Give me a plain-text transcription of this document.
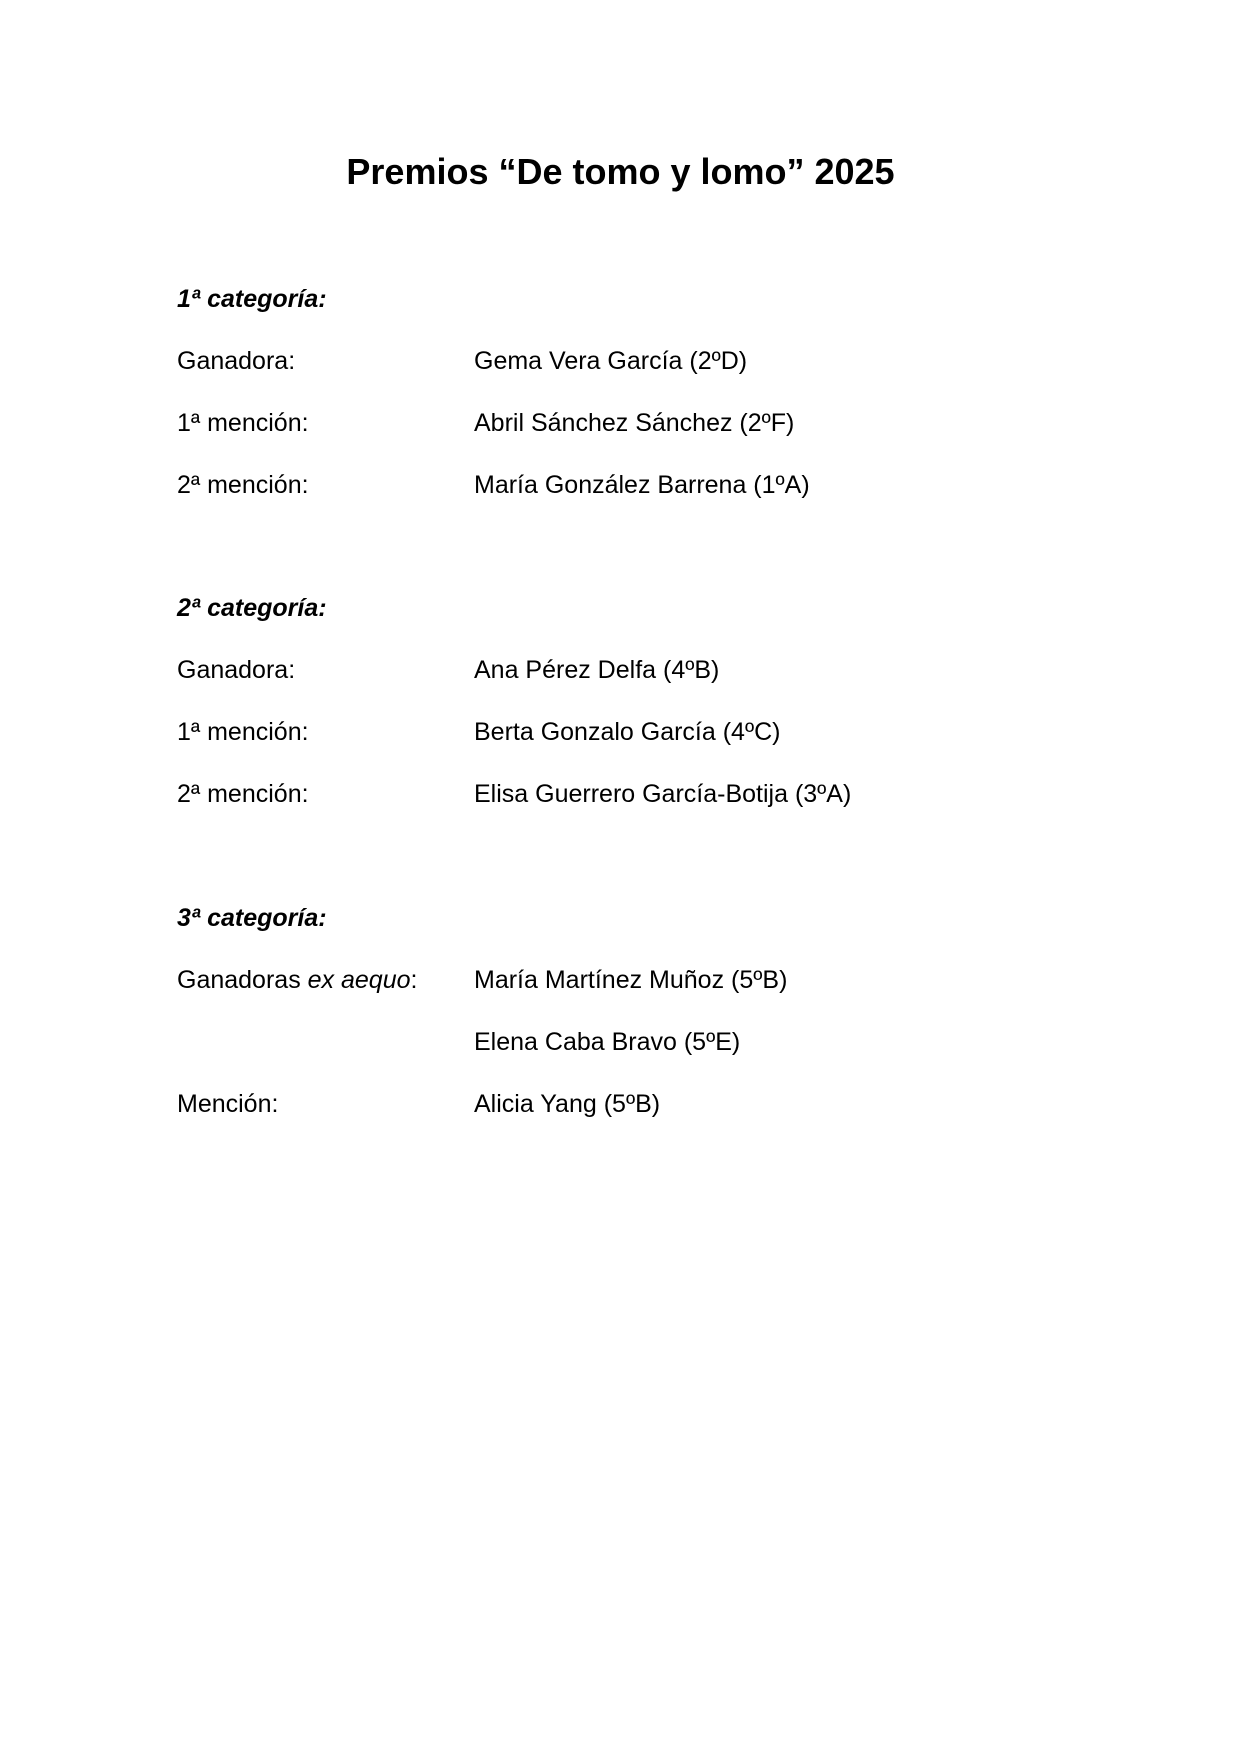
Premios “De tomo y lomo” 2025
1ª categoría:
Ganadora:	Gema Vera García (2ºD)
1ª mención:	Abril Sánchez Sánchez (2ºF)
2ª mención:	María González Barrena (1ºA)
2ª categoría:
Ganadora:	Ana Pérez Delfa (4ºB)
1ª mención:	Berta Gonzalo García (4ºC)
2ª mención:	Elisa Guerrero García-Botija (3ºA)
3ª categoría:
Ganadoras ex aequo:	María Martínez Muñoz (5ºB)
Elena Caba Bravo (5ºE)
Mención:	Alicia Yang (5ºB)
